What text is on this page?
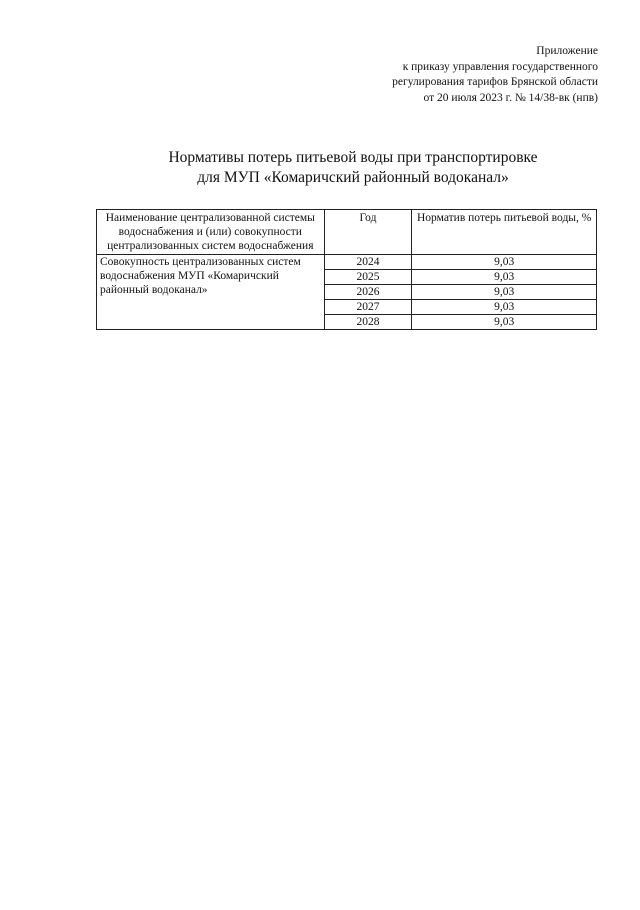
Приложение
к приказу управления государственного
регулирования тарифов Брянской области
от 20 июля 2023 г. № 14/38-вк (нпв)
Нормативы потерь питьевой воды при транспортировке
для МУП «Комаричский районный водоканал»
Наименование централизованной системы водоснабжения и (или) совокупности централизованных систем водоснабжения	Год	Норматив потерь питьевой воды, %
Совокупность централизованных систем водоснабжения МУП «Комаричский районный водоканал»	2024	9,03
	2025	9,03
	2026	9,03
	2027	9,03
	2028	9,03
